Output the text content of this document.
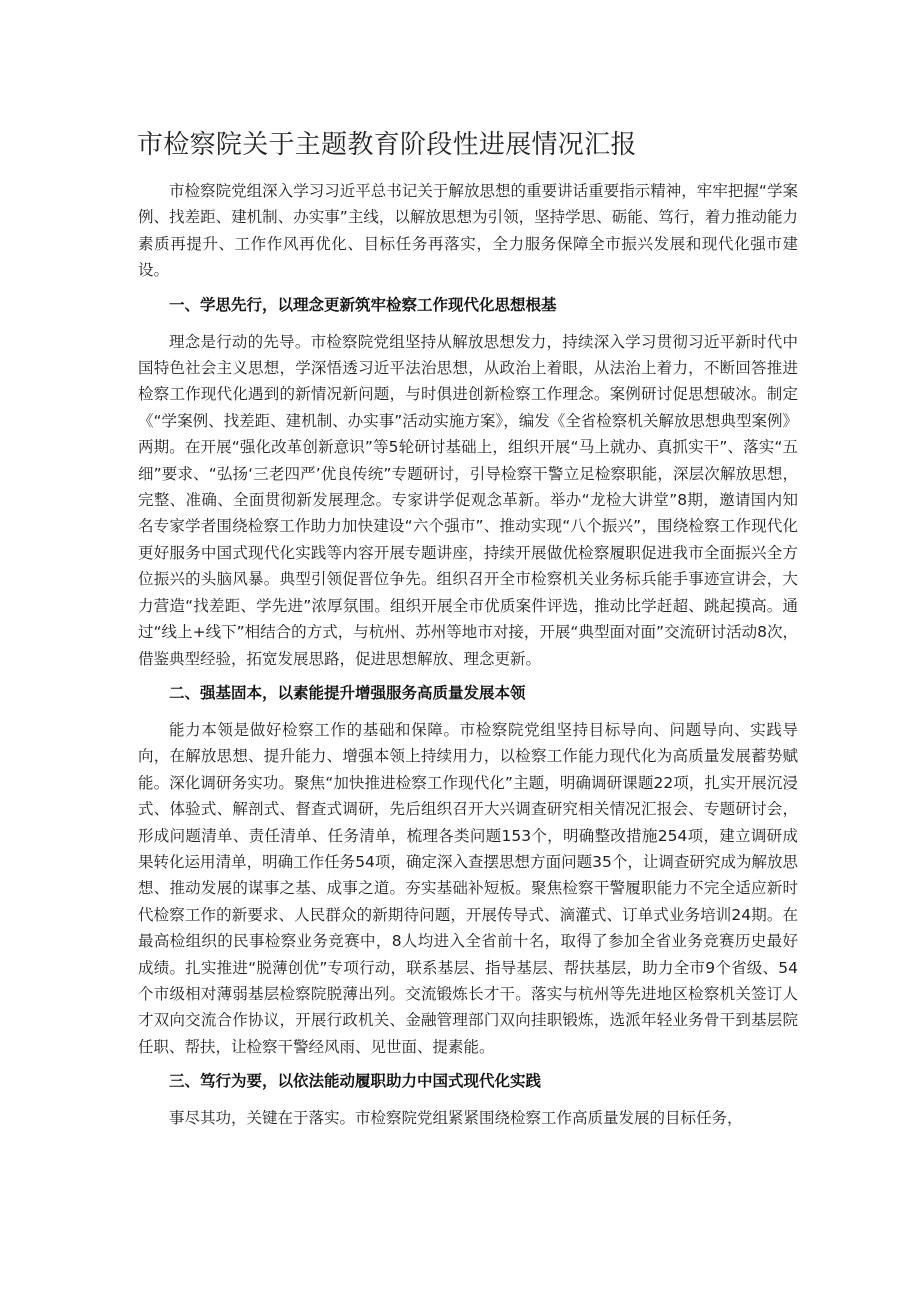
市检察院关于主题教育阶段性进展情况汇报

市检察院党组深入学习习近平总书记关于解放思想的重要讲话重要指示精神，牢牢把握“学案例、找差距、建机制、办实事”主线，以解放思想为引领，坚持学思、砺能、笃行，着力推动能力素质再提升、工作作风再优化、目标任务再落实，全力服务保障全市振兴发展和现代化强市建设。

一、学思先行，以理念更新筑牢检察工作现代化思想根基

理念是行动的先导。市检察院党组坚持从解放思想发力，持续深入学习贯彻习近平新时代中国特色社会主义思想，学深悟透习近平法治思想，从政治上着眼，从法治上着力，不断回答推进检察工作现代化遇到的新情况新问题，与时俱进创新检察工作理念。案例研讨促思想破冰。制定《“学案例、找差距、建机制、办实事”活动实施方案》，编发《全省检察机关解放思想典型案例》两期。在开展“强化改革创新意识”等5轮研讨基础上，组织开展“马上就办、真抓实干”、落实“五细”要求、“弘扬‘三老四严’优良传统”专题研讨，引导检察干警立足检察职能，深层次解放思想，完整、准确、全面贯彻新发展理念。专家讲学促观念革新。举办“龙检大讲堂”8期，邀请国内知名专家学者围绕检察工作助力加快建设“六个强市”、推动实现“八个振兴”，围绕检察工作现代化更好服务中国式现代化实践等内容开展专题讲座，持续开展做优检察履职促进我市全面振兴全方位振兴的头脑风暴。典型引领促晋位争先。组织召开全市检察机关业务标兵能手事迹宣讲会，大力营造“找差距、学先进”浓厚氛围。组织开展全市优质案件评选，推动比学赶超、跳起摸高。通过“线上+线下”相结合的方式，与杭州、苏州等地市对接，开展“典型面对面”交流研讨活动8次，借鉴典型经验，拓宽发展思路，促进思想解放、理念更新。

二、强基固本，以素能提升增强服务高质量发展本领

能力本领是做好检察工作的基础和保障。市检察院党组坚持目标导向、问题导向、实践导向，在解放思想、提升能力、增强本领上持续用力，以检察工作能力现代化为高质量发展蓄势赋能。深化调研务实功。聚焦“加快推进检察工作现代化”主题，明确调研课题22项，扎实开展沉浸式、体验式、解剖式、督查式调研，先后组织召开大兴调查研究相关情况汇报会、专题研讨会，形成问题清单、责任清单、任务清单，梳理各类问题153个，明确整改措施254项，建立调研成果转化运用清单，明确工作任务54项，确定深入查摆思想方面问题35个，让调查研究成为解放思想、推动发展的谋事之基、成事之道。夯实基础补短板。聚焦检察干警履职能力不完全适应新时代检察工作的新要求、人民群众的新期待问题，开展传导式、滴灌式、订单式业务培训24期。在最高检组织的民事检察业务竞赛中，8人均进入全省前十名，取得了参加全省业务竞赛历史最好成绩。扎实推进“脱薄创优”专项行动，联系基层、指导基层、帮扶基层，助力全市9个省级、54个市级相对薄弱基层检察院脱薄出列。交流锻炼长才干。落实与杭州等先进地区检察机关签订人才双向交流合作协议，开展行政机关、金融管理部门双向挂职锻炼，选派年轻业务骨干到基层院任职、帮扶，让检察干警经风雨、见世面、提素能。

三、笃行为要，以依法能动履职助力中国式现代化实践

事尽其功，关键在于落实。市检察院党组紧紧围绕检察工作高质量发展的目标任务，
